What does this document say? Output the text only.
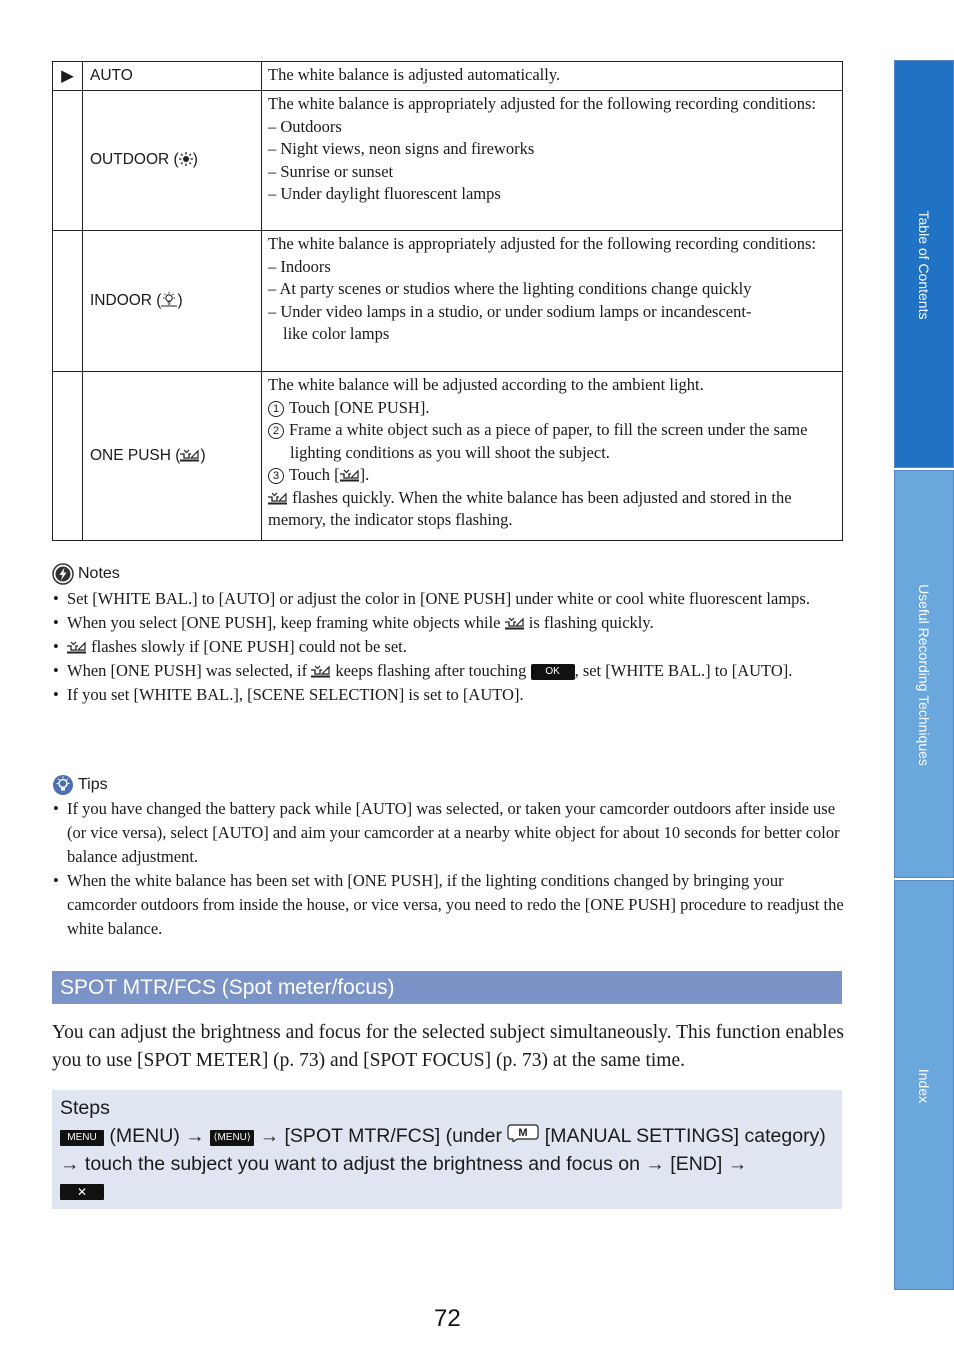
▶	AUTO	The white balance is adjusted automatically.
	OUTDOOR ( )	The white balance is appropriately adjusted for the following recording conditions:
– Outdoors
– Night views, neon signs and fireworks
– Sunrise or sunset
– Under daylight fluorescent lamps

	INDOOR ( )	The white balance is appropriately adjusted for the following recording conditions:
– Indoors
– At party scenes or studios where the lighting conditions change quickly
– Under video lamps in a studio, or under sodium lamps or incandescent-
like color lamps

	ONE PUSH ( )	The white balance will be adjusted according to the ambient light.
1 Touch [ONE PUSH].
2 Frame a white object such as a piece of paper, to fill the screen under the same lighting conditions as you will shoot the subject.
3 Touch [ ].
flashes quickly. When the white balance has been adjusted and stored in the memory, the indicator stops flashing.
Notes
• Set [WHITE BAL.] to [AUTO] or adjust the color in [ONE PUSH] under white or cool white fluorescent lamps.
• When you select [ONE PUSH], keep framing white objects while is flashing quickly.
• flashes slowly if [ONE PUSH] could not be set.
• When [ONE PUSH] was selected, if keeps flashing after touching OK , set [WHITE BAL.] to [AUTO].
• If you set [WHITE BAL.], [SCENE SELECTION] is set to [AUTO].
Tips
• If you have changed the battery pack while [AUTO] was selected, or taken your camcorder outdoors after inside use (or vice versa), select [AUTO] and aim your camcorder at a nearby white object for about 10 seconds for better color balance adjustment.
• When the white balance has been set with [ONE PUSH], if the lighting conditions changed by bringing your camcorder outdoors from inside the house, or vice versa, you need to redo the [ONE PUSH] procedure to readjust the white balance.
SPOT MTR/FCS (Spot meter/focus)

You can adjust the brightness and focus for the selected subject simultaneously. This function enables you to use [SPOT METER] (p. 73) and [SPOT FOCUS] (p. 73) at the same time.

Steps
MENU (MENU) → ⟨MENU⟩ → [SPOT MTR/FCS] (under M [MANUAL SETTINGS] category)
→ touch the subject you want to adjust the brightness and focus on → [END] →
✕
Table of Contents
Useful Recording Techniques
Index
72
